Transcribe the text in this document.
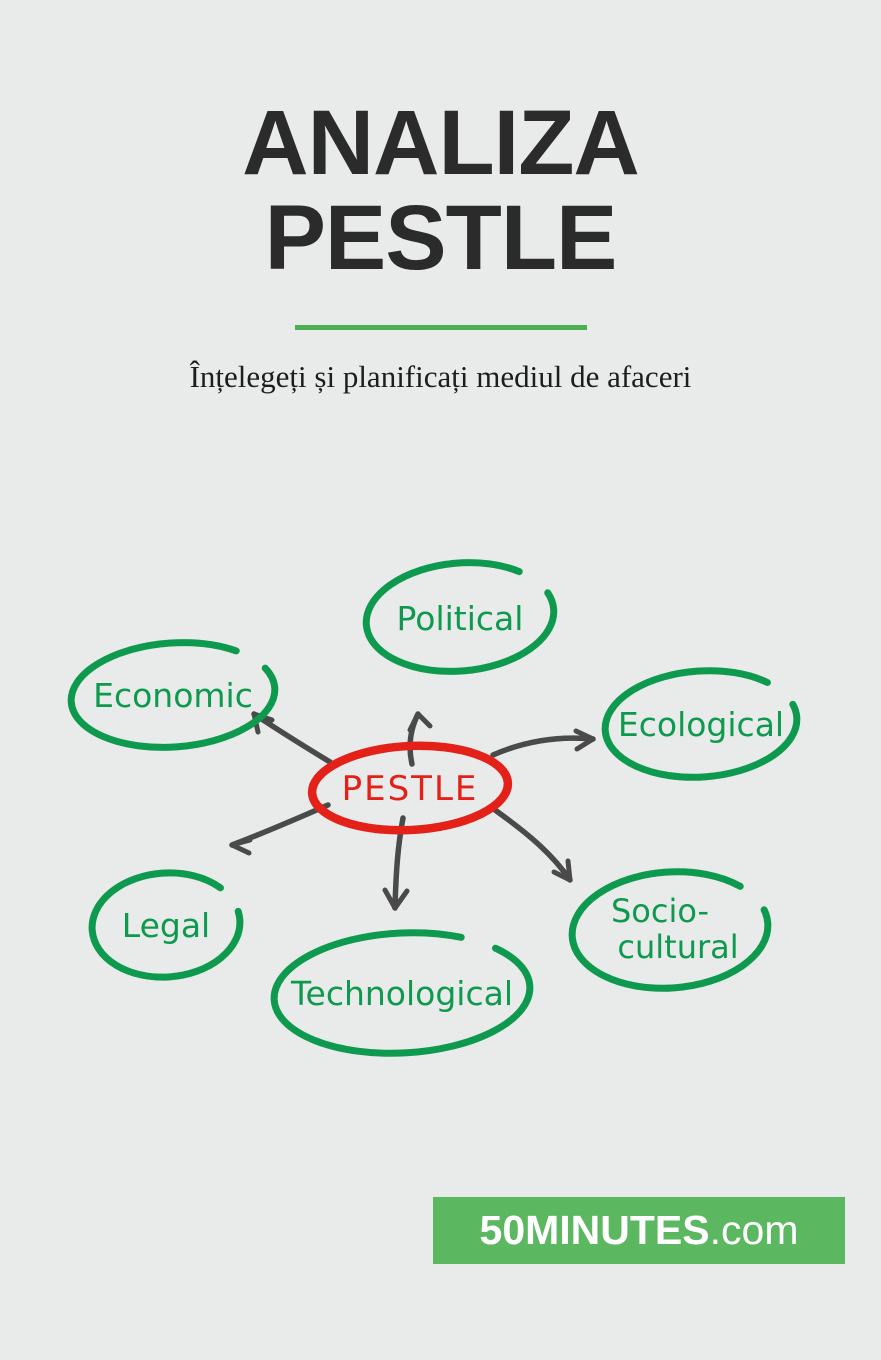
ANALIZA
PESTLE
Înțelegeți și planificați mediul de afaceri
PESTLE
Political
Ecological
Socio-
cultural
Technological
Legal
Economic
50MINUTES.com
